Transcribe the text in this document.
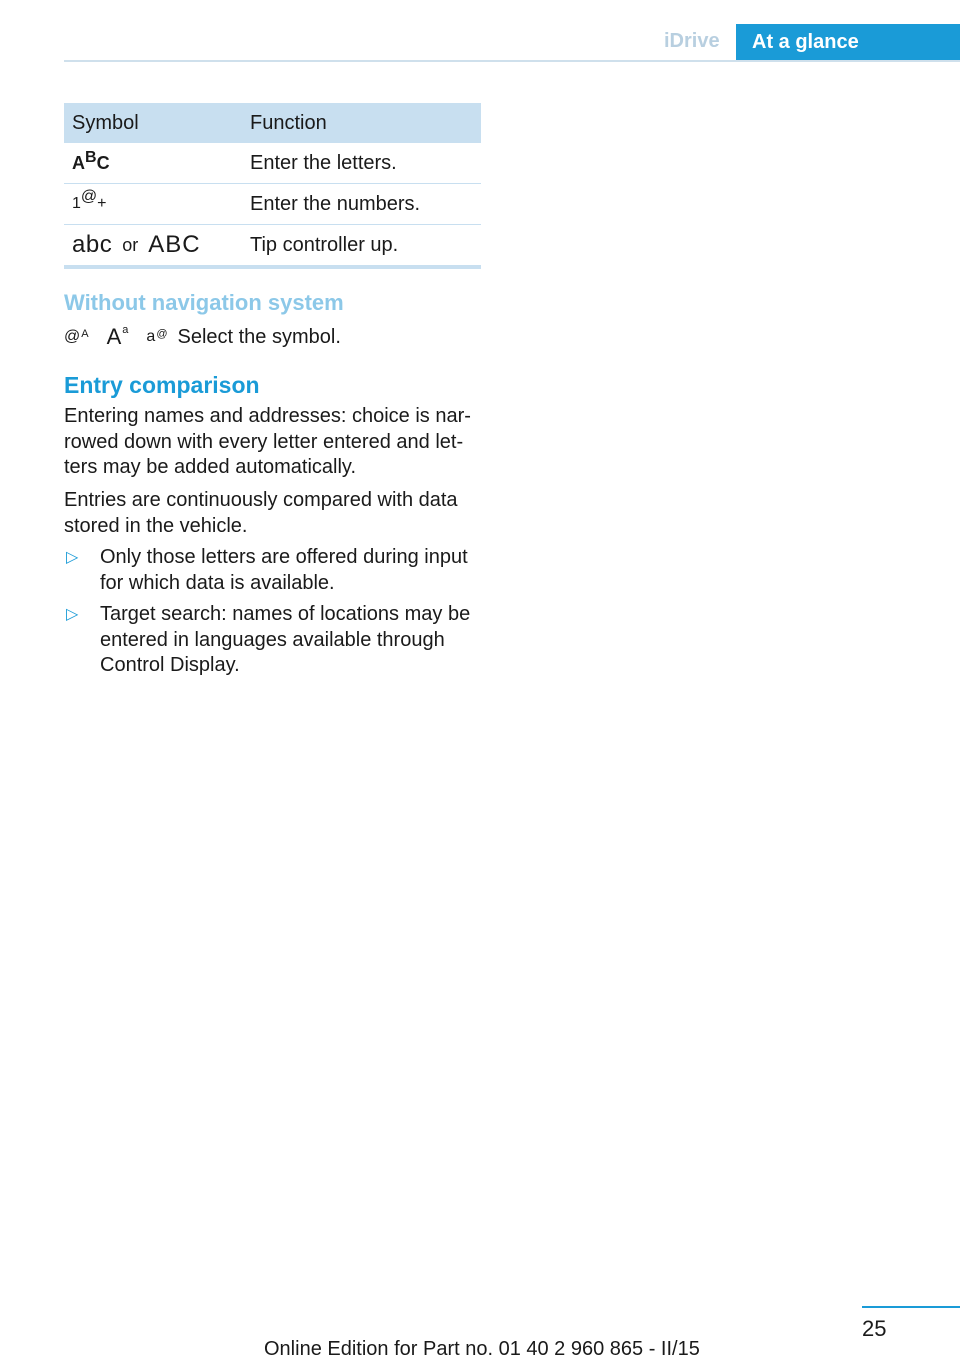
iDrive	At a glance
Symbol	Function
ABC	Enter the letters.
1@+	Enter the numbers.
abc or ABC	Tip controller up.
Without navigation system
@ A $A^a$ a @ Select the symbol.
Entry comparison
Entering names and addresses: choice is nar‐rowed down with every letter entered and let‐ters may be added automatically.
Entries are continuously compared with data stored in the vehicle.
▷	Only those letters are offered during input for which data is available.
▷	Target search: names of locations may be entered in languages available through Control Display.
25
Online Edition for Part no. 01 40 2 960 865 - II/15
